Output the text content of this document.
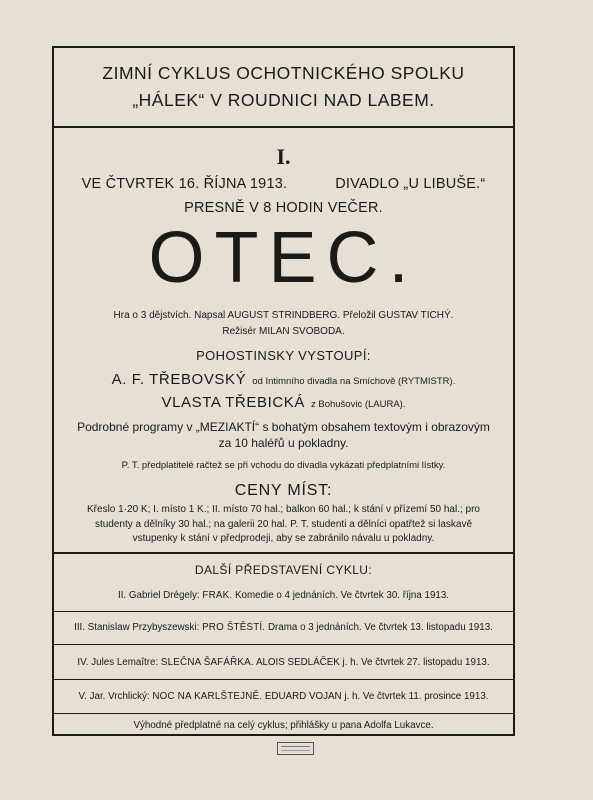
ZIMNÍ CYKLUS OCHOTNICKÉHO SPOLKU
„HÁLEK“ V ROUDNICI NAD LABEM.
I.
VE ČTVRTEK 16. ŘÍJNA 1913.	DIVADLO „U LIBUŠE.“
PRESNĚ V 8 HODIN VEČER.
OTEC.
Hra o 3 dějstvích. Napsal AUGUST STRINDBERG. Přeložil GUSTAV TICHÝ.
Režisér MILAN SVOBODA.
POHOSTINSKY VYSTOUPÍ:
A. F. TŘEBOVSKÝ od Intimního divadla na Smíchově (RYTMISTR).
VLASTA TŘEBICKÁ z Bohušovic (LAURA).
Podrobné programy v „MEZIAKTÍ“ s bohatým obsahem textovým i obrazovým
za 10 haléřů u pokladny.
P. T. předplatitelé račtež se při vchodu do divadla vykázati předplatními lístky.
CENY MÍST:
Křeslo 1·20 K; I. místo 1 K.; II. místo 70 hal.; balkon 60 hal.; k stání v přízemí 50 hal.; pro
studenty a dělníky 30 hal.; na galerii 20 hal. P. T. studenti a dělníci opatřtež si laskavě
vstupenky k stání v předprodeji, aby se zabránilo návalu u pokladny.
DALŠÍ PŘEDSTAVENÍ CYKLU:
II. Gabriel Drégely: FRAK. Komedie o 4 jednáních. Ve čtvrtek 30. října 1913.
III. Stanislaw Przybyszewski: PRO ŠTĚSTÍ. Drama o 3 jednáních. Ve čtvrtek 13. listopadu 1913.
IV. Jules Lemaître: SLEČNA ŠAFÁŘKA. ALOIS SEDLÁČEK j. h. Ve čtvrtek 27. listopadu 1913.
V. Jar. Vrchlický: NOC NA KARLŠTEJNĚ. EDUARD VOJAN j. h. Ve čtvrtek 11. prosince 1913.
Výhodné předplatné na celý cyklus; přihlášky u pana Adolfa Lukavce.
